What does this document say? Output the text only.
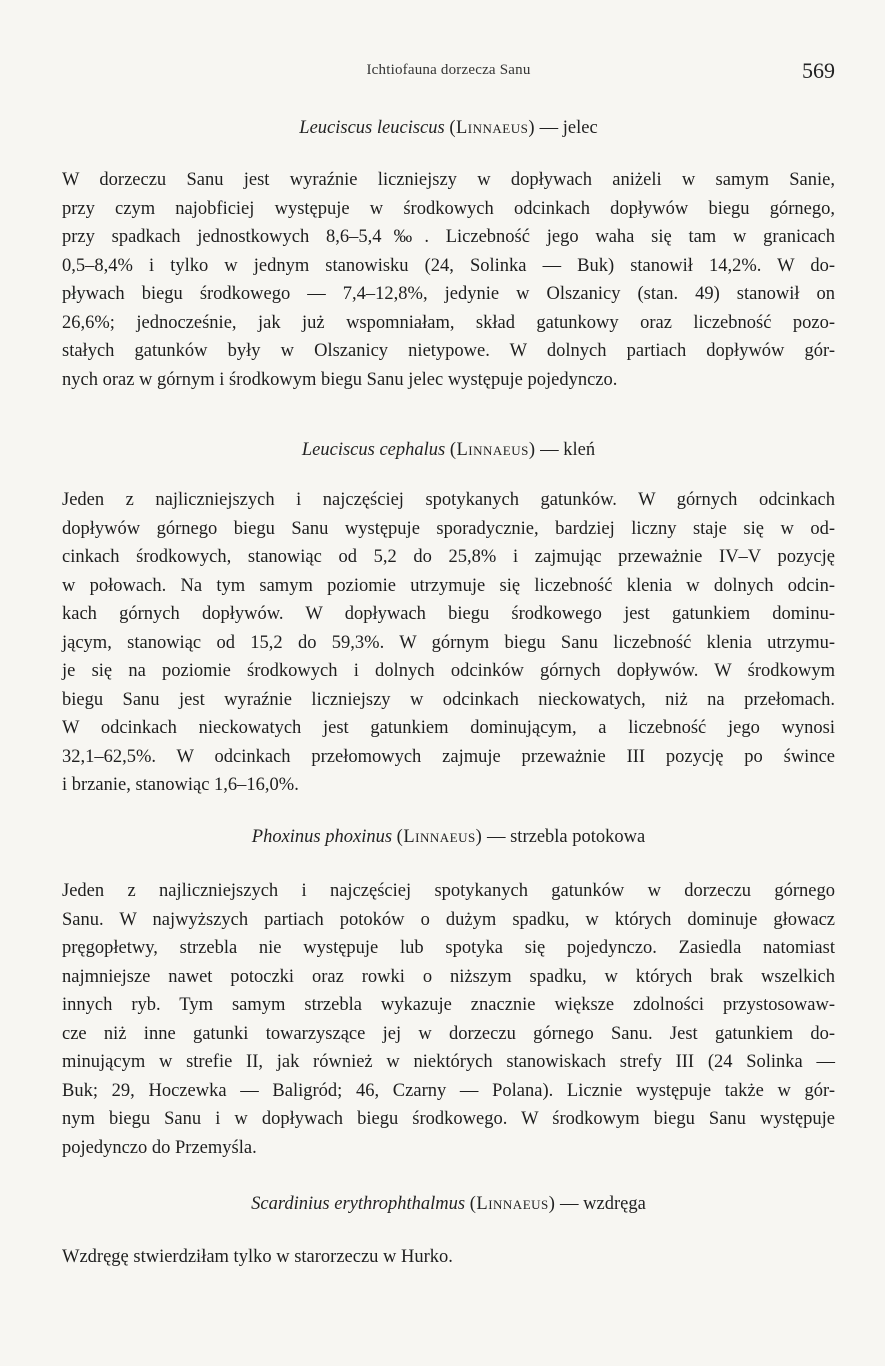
Ichtiofauna dorzecza Sanu	569
Leuciscus leuciscus (Linnaeus) — jelec
W dorzeczu Sanu jest wyraźnie liczniejszy w dopływach aniżeli w samym Sanie,
przy czym najobficiej występuje w środkowych odcinkach dopływów biegu górnego,
przy spadkach jednostkowych 8,6–5,4‰. Liczebność jego waha się tam w granicach
0,5–8,4% i tylko w jednym stanowisku (24, Solinka — Buk) stanowił 14,2%. W do-
pływach biegu środkowego — 7,4–12,8%, jedynie w Olszanicy (stan. 49) stanowił on
26,6%; jednocześnie, jak już wspomniałam, skład gatunkowy oraz liczebność pozo-
stałych gatunków były w Olszanicy nietypowe. W dolnych partiach dopływów gór-
nych oraz w górnym i środkowym biegu Sanu jelec występuje pojedynczo.
Leuciscus cephalus (Linnaeus) — kleń
Jeden z najliczniejszych i najczęściej spotykanych gatunków. W górnych odcinkach
dopływów górnego biegu Sanu występuje sporadycznie, bardziej liczny staje się w od-
cinkach środkowych, stanowiąc od 5,2 do 25,8% i zajmując przeważnie IV–V pozycję
w połowach. Na tym samym poziomie utrzymuje się liczebność klenia w dolnych odcin-
kach górnych dopływów. W dopływach biegu środkowego jest gatunkiem dominu-
jącym, stanowiąc od 15,2 do 59,3%. W górnym biegu Sanu liczebność klenia utrzymu-
je się na poziomie środkowych i dolnych odcinków górnych dopływów. W środkowym
biegu Sanu jest wyraźnie liczniejszy w odcinkach nieckowatych, niż na przełomach.
W odcinkach nieckowatych jest gatunkiem dominującym, a liczebność jego wynosi
32,1–62,5%. W odcinkach przełomowych zajmuje przeważnie III pozycję po śwince
i brzanie, stanowiąc 1,6–16,0%.
Phoxinus phoxinus (Linnaeus) — strzebla potokowa
Jeden z najliczniejszych i najczęściej spotykanych gatunków w dorzeczu górnego
Sanu. W najwyższych partiach potoków o dużym spadku, w których dominuje głowacz
pręgopłetwy, strzebla nie występuje lub spotyka się pojedynczo. Zasiedla natomiast
najmniejsze nawet potoczki oraz rowki o niższym spadku, w których brak wszelkich
innych ryb. Tym samym strzebla wykazuje znacznie większe zdolności przystosowaw-
cze niż inne gatunki towarzyszące jej w dorzeczu górnego Sanu. Jest gatunkiem do-
minującym w strefie II, jak również w niektórych stanowiskach strefy III (24 Solinka —
Buk; 29, Hoczewka — Baligród; 46, Czarny — Polana). Licznie występuje także w gór-
nym biegu Sanu i w dopływach biegu środkowego. W środkowym biegu Sanu występuje
pojedynczo do Przemyśla.
Scardinius erythrophthalmus (Linnaeus) — wzdręga
Wzdręgę stwierdziłam tylko w starorzeczu w Hurko.
